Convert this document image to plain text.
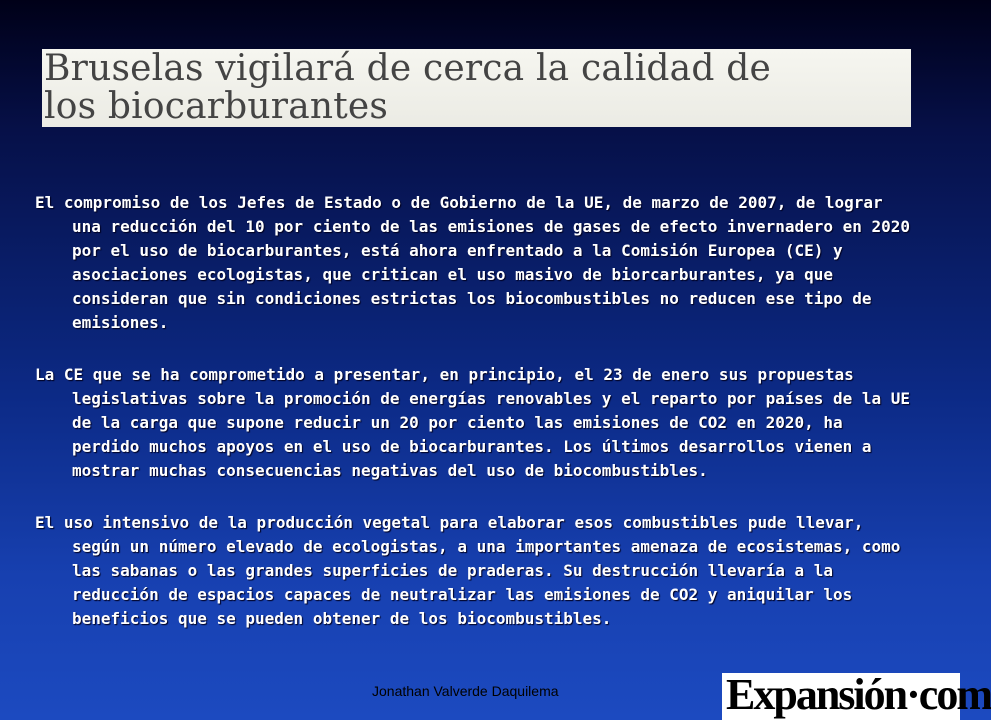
Bruselas vigilará de cerca la calidad de
los biocarburantes

El compromiso de los Jefes de Estado o de Gobierno de la UE, de marzo de 2007, de lograr una reducción del 10 por ciento de las emisiones de gases de efecto invernadero en 2020 por el uso de biocarburantes, está ahora enfrentado a la Comisión Europea (CE) y asociaciones ecologistas, que critican el uso masivo de biorcarburantes, ya que consideran que sin condiciones estrictas los biocombustibles no reducen ese tipo de emisiones.

La CE que se ha comprometido a presentar, en principio, el 23 de enero sus propuestas legislativas sobre la promoción de energías renovables y el reparto por países de la UE de la carga que supone reducir un 20 por ciento las emisiones de CO2 en 2020, ha perdido muchos apoyos en el uso de biocarburantes. Los últimos desarrollos vienen a mostrar muchas consecuencias negativas del uso de biocombustibles.

El uso intensivo de la producción vegetal para elaborar esos combustibles pude llevar, según un número elevado de ecologistas, a una importantes amenaza de ecosistemas, como las sabanas o las grandes superficies de praderas. Su destrucción llevaría a la reducción de espacios capaces de neutralizar las emisiones de CO2 y aniquilar los beneficios que se pueden obtener de los biocombustibles.

Jonathan Valverde Daquilema	Expansión·com
